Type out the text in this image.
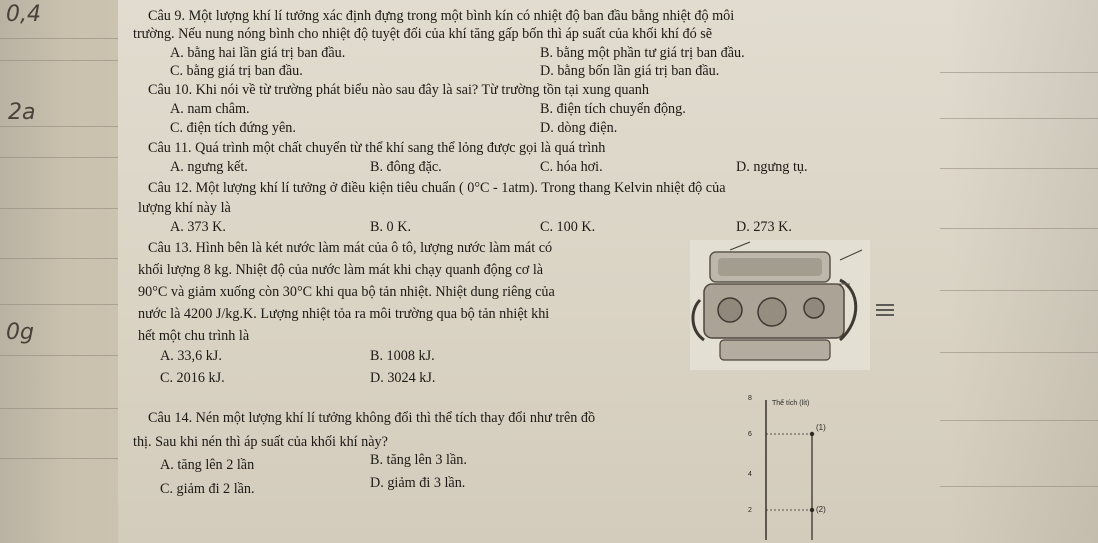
0,4
2a
0g
Câu 9. Một lượng khí lí tưởng xác định đựng trong một bình kín có nhiệt độ ban đầu bằng nhiệt độ môi
trường. Nếu nung nóng bình cho nhiệt độ tuyệt đối của khí tăng gấp bốn thì áp suất của khối khí đó sẽ
A. bằng hai lần giá trị ban đầu.	B. bằng một phần tư giá trị ban đầu.
C. bằng giá trị ban đầu.	D. bằng bốn lần giá trị ban đầu.
Câu 10. Khi nói về từ trường phát biểu nào sau đây là sai? Từ trường tồn tại xung quanh
A. nam châm.	B. điện tích chuyển động.
C. điện tích đứng yên.	D. dòng điện.
Câu 11. Quá trình một chất chuyển từ thể khí sang thể lỏng được gọi là quá trình
A. ngưng kết.	B. đông đặc.	C. hóa hơi.	D. ngưng tụ.
Câu 12. Một lượng khí lí tưởng ở điều kiện tiêu chuẩn ( 0°C - 1atm). Trong thang Kelvin nhiệt độ của
lượng khí này là
A. 373 K.	B. 0 K.	C. 100 K.	D. 273 K.
Câu 13. Hình bên là két nước làm mát của ô tô, lượng nước làm mát có
khối lượng 8 kg. Nhiệt độ của nước làm mát khi chạy quanh động cơ là
90°C và giảm xuống còn 30°C khi qua bộ tản nhiệt. Nhiệt dung riêng của
nước là 4200 J/kg.K. Lượng nhiệt tỏa ra môi trường qua bộ tản nhiệt khi
hết một chu trình là
A. 33,6 kJ.	B. 1008 kJ.
C. 2016 kJ.	D. 3024 kJ.
Câu 14. Nén một lượng khí lí tưởng không đổi thì thể tích thay đổi như trên đồ
thị. Sau khi nén thì áp suất của khối khí này?
A. tăng lên 2 lần	B. tăng lên 3 lần.
C. giảm đi 2 lần.	D. giảm đi 3 lần.
Thể tích (lít)
8
6
4
2
(1)
(2)
